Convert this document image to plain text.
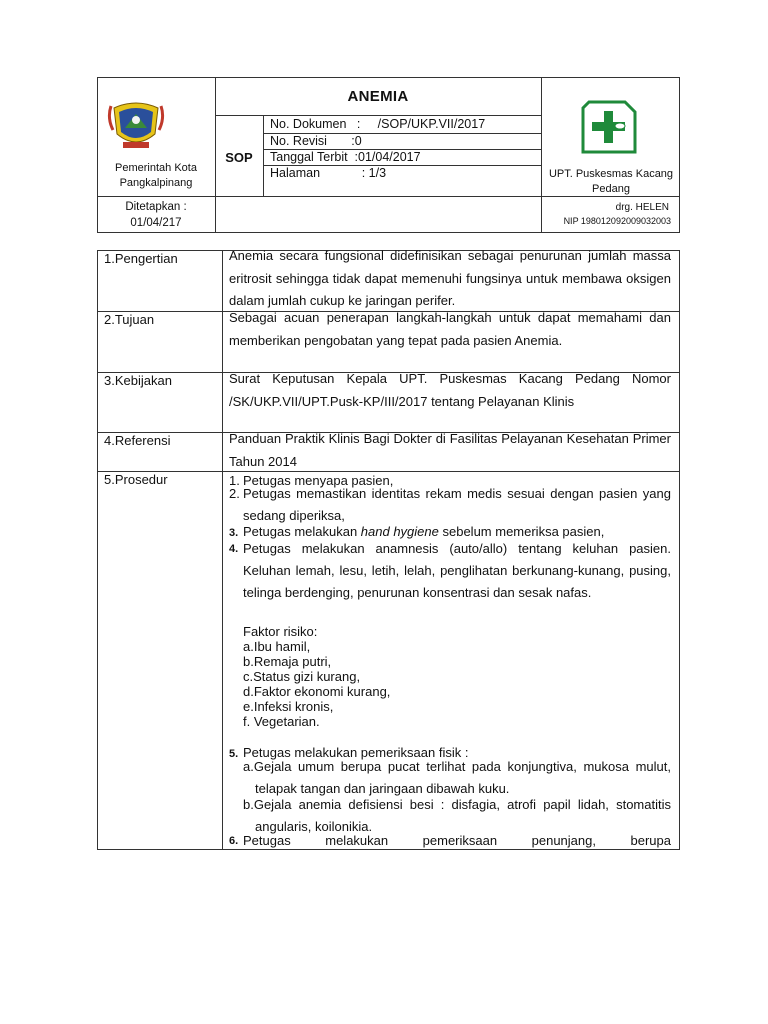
Pemerintah Kota Pangkalpinang
ANEMIA
SOP
No. Dokumen   :     /SOP/UKP.VII/2017
No. Revisi       :0
Tanggal Terbit  :01/04/2017
Halaman            : 1/3	UPT. Puskesmas Kacang Pedang
Ditetapkan : 01/04/217
drg. HELEN
NIP 198012092009032003
1.Pengertian	Anemia secara fungsional didefinisikan sebagai penurunan jumlah massa eritrosit sehingga tidak dapat memenuhi fungsinya untuk membawa oksigen dalam jumlah cukup ke jaringan perifer.
2.Tujuan	Sebagai acuan penerapan langkah-langkah untuk dapat memahami dan memberikan pengobatan yang tepat pada pasien Anemia.
3.Kebijakan	Surat Keputusan Kepala UPT. Puskesmas Kacang Pedang Nomor /SK/UKP.VII/UPT.Pusk-KP/III/2017 tentang Pelayanan Klinis
4.Referensi	Panduan Praktik Klinis Bagi Dokter di Fasilitas Pelayanan Kesehatan Primer Tahun 2014
5.Prosedur	1. Petugas menyapa pasien,
2. Petugas memastikan identitas rekam medis sesuai dengan pasien yang sedang diperiksa,
3. Petugas melakukan hand hygiene sebelum memeriksa pasien,
4. Petugas melakukan anamnesis (auto/allo) tentang keluhan pasien. Keluhan lemah, lesu, letih, lelah, penglihatan berkunang-kunang, pusing, telinga berdenging, penurunan konsentrasi dan sesak nafas.
Faktor risiko:
a.Ibu hamil,
b.Remaja putri,
c.Status gizi kurang,
d.Faktor ekonomi kurang,
e.Infeksi kronis,
f. Vegetarian.
5. Petugas melakukan pemeriksaan fisik :
a.Gejala umum berupa pucat terlihat pada konjungtiva, mukosa mulut, telapak tangan dan jaringaan dibawah kuku.
b.Gejala anemia defisiensi besi : disfagia, atrofi papil lidah, stomatitis angularis, koilonikia.
6. Petugas melakukan pemeriksaan penunjang, berupa
